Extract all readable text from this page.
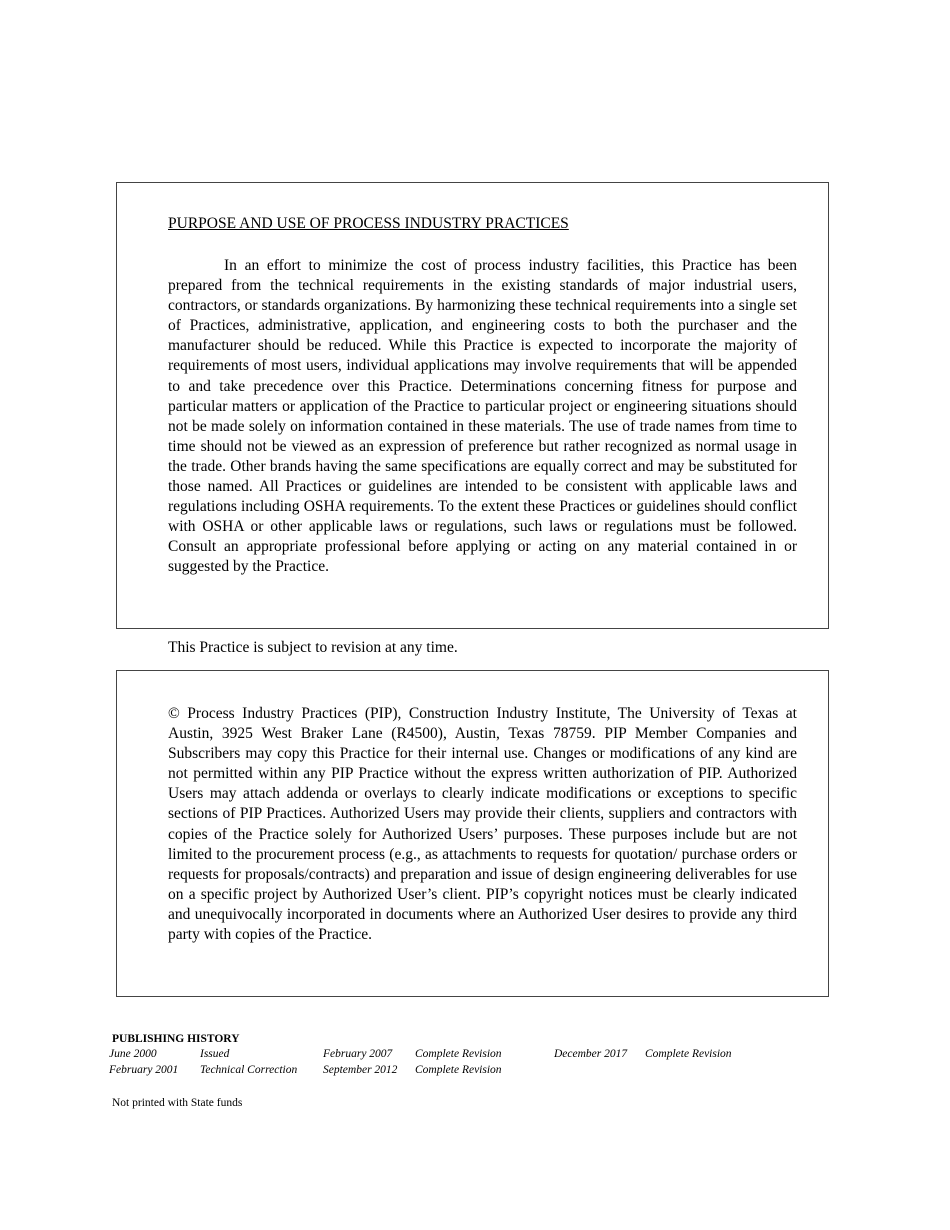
PURPOSE AND USE OF PROCESS INDUSTRY PRACTICES

In an effort to minimize the cost of process industry facilities, this Practice has been prepared from the technical requirements in the existing standards of major industrial users, contractors, or standards organizations. By harmonizing these technical requirements into a single set of Practices, administrative, application, and engineering costs to both the purchaser and the manufacturer should be reduced. While this Practice is expected to incorporate the majority of requirements of most users, individual applications may involve requirements that will be appended to and take precedence over this Practice. Determinations concerning fitness for purpose and particular matters or application of the Practice to particular project or engineering situations should not be made solely on information contained in these materials. The use of trade names from time to time should not be viewed as an expression of preference but rather recognized as normal usage in the trade. Other brands having the same specifications are equally correct and may be substituted for those named. All Practices or guidelines are intended to be consistent with applicable laws and regulations including OSHA requirements. To the extent these Practices or guidelines should conflict with OSHA or other applicable laws or regulations, such laws or regulations must be followed. Consult an appropriate professional before applying or acting on any material contained in or suggested by the Practice.

This Practice is subject to revision at any time.

© Process Industry Practices (PIP), Construction Industry Institute, The University of Texas at Austin, 3925 West Braker Lane (R4500), Austin, Texas 78759. PIP Member Companies and Subscribers may copy this Practice for their internal use. Changes or modifications of any kind are not permitted within any PIP Practice without the express written authorization of PIP. Authorized Users may attach addenda or overlays to clearly indicate modifications or exceptions to specific sections of PIP Practices. Authorized Users may provide their clients, suppliers and contractors with copies of the Practice solely for Authorized Users’ purposes. These purposes include but are not limited to the procurement process (e.g., as attachments to requests for quotation/ purchase orders or requests for proposals/contracts) and preparation and issue of design engineering deliverables for use on a specific project by Authorized User’s client. PIP’s copyright notices must be clearly indicated and unequivocally incorporated in documents where an Authorized User desires to provide any third party with copies of the Practice.

PUBLISHING HISTORY
June 2000	Issued
February 2001 Technical Correction
February 2007 Complete Revision
September 2012 Complete Revision
December 2017 Complete Revision
Not printed with State funds
